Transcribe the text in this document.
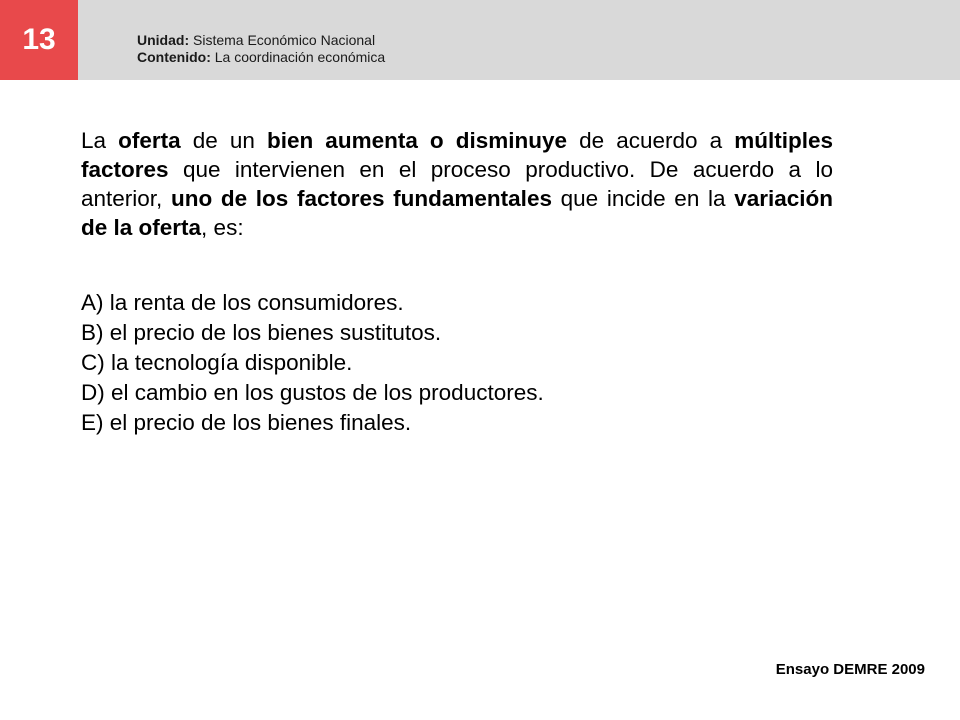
13	Unidad: Sistema Económico Nacional
Contenido: La coordinación económica
La oferta de un bien aumenta o disminuye de acuerdo a múltiples factores que intervienen en el proceso productivo. De acuerdo a lo anterior, uno de los factores fundamentales que incide en la variación de la oferta, es:
A) la renta de los consumidores.
B) el precio de los bienes sustitutos.
C) la tecnología disponible.
D) el cambio en los gustos de los productores.
E) el precio de los bienes finales.
Ensayo DEMRE 2009
